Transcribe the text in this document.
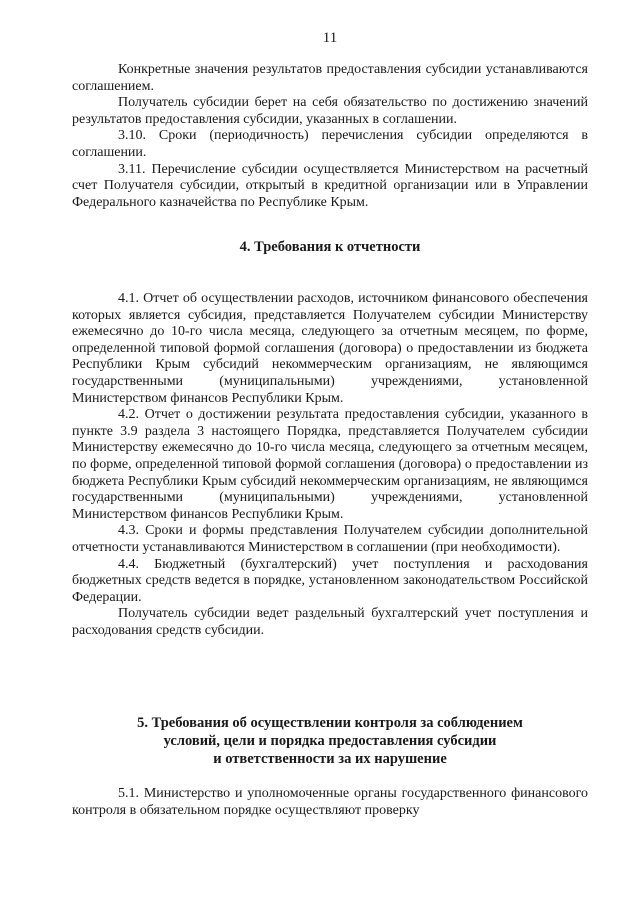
11

Конкретные значения результатов предоставления субсидии устанавливаются соглашением.

Получатель субсидии берет на себя обязательство по достижению значений результатов предоставления субсидии, указанных в соглашении.

3.10. Сроки (периодичность) перечисления субсидии определяются в соглашении.

3.11. Перечисление субсидии осуществляется Министерством на расчетный счет Получателя субсидии, открытый в кредитной организации или в Управлении Федерального казначейства по Республике Крым.

4. Требования к отчетности

4.1. Отчет об осуществлении расходов, источником финансового обеспечения которых является субсидия, представляется Получателем субсидии Министерству ежемесячно до 10-го числа месяца, следующего за отчетным месяцем, по форме, определенной типовой формой соглашения (договора) о предоставлении из бюджета Республики Крым субсидий некоммерческим организациям, не являющимся государственными (муниципальными) учреждениями, установленной Министерством финансов Республики Крым.

4.2. Отчет о достижении результата предоставления субсидии, указанного в пункте 3.9 раздела 3 настоящего Порядка, представляется Получателем субсидии Министерству ежемесячно до 10-го числа месяца, следующего за отчетным месяцем, по форме, определенной типовой формой соглашения (договора) о предоставлении из бюджета Республики Крым субсидий некоммерческим организациям, не являющимся государственными (муниципальными) учреждениями, установленной Министерством финансов Республики Крым.

4.3. Сроки и формы представления Получателем субсидии дополнительной отчетности устанавливаются Министерством в соглашении (при необходимости).

4.4. Бюджетный (бухгалтерский) учет поступления и расходования бюджетных средств ведется в порядке, установленном законодательством Российской Федерации.

Получатель субсидии ведет раздельный бухгалтерский учет поступления и расходования средств субсидии.

5. Требования об осуществлении контроля за соблюдением
условий, цели и порядка предоставления субсидии
и ответственности за их нарушение

5.1. Министерство и уполномоченные органы государственного финансового контроля в обязательном порядке осуществляют проверку
